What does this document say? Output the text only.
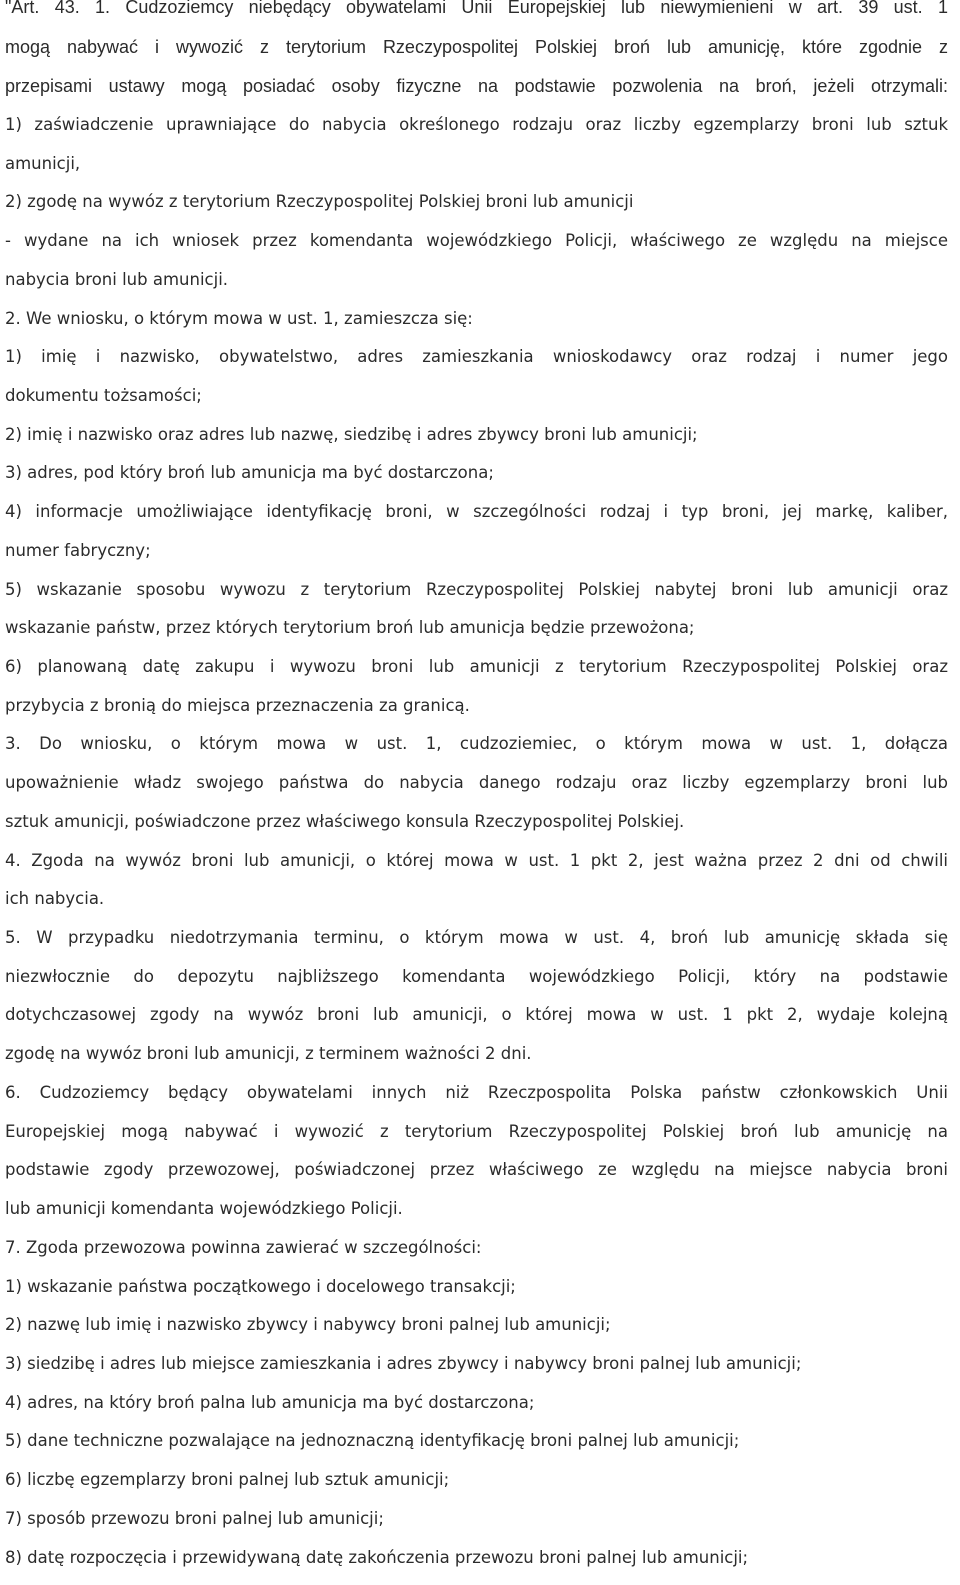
"Art. 43. 1. Cudzoziemcy niebędący obywatelami Unii Europejskiej lub niewymienieni w art. 39 ust. 1
mogą nabywać i wywozić z terytorium Rzeczypospolitej Polskiej broń lub amunicję, które zgodnie z
przepisami ustawy mogą posiadać osoby fizyczne na podstawie pozwolenia na broń, jeżeli otrzymali:
1) zaświadczenie uprawniające do nabycia określonego rodzaju oraz liczby egzemplarzy broni lub sztuk
amunicji,
2) zgodę na wywóz z terytorium Rzeczypospolitej Polskiej broni lub amunicji
- wydane na ich wniosek przez komendanta wojewódzkiego Policji, właściwego ze względu na miejsce
nabycia broni lub amunicji.
2. We wniosku, o którym mowa w ust. 1, zamieszcza się:
1) imię i nazwisko, obywatelstwo, adres zamieszkania wnioskodawcy oraz rodzaj i numer jego
dokumentu tożsamości;
2) imię i nazwisko oraz adres lub nazwę, siedzibę i adres zbywcy broni lub amunicji;
3) adres, pod który broń lub amunicja ma być dostarczona;
4) informacje umożliwiające identyfikację broni, w szczególności rodzaj i typ broni, jej markę, kaliber,
numer fabryczny;
5) wskazanie sposobu wywozu z terytorium Rzeczypospolitej Polskiej nabytej broni lub amunicji oraz
wskazanie państw, przez których terytorium broń lub amunicja będzie przewożona;
6) planowaną datę zakupu i wywozu broni lub amunicji z terytorium Rzeczypospolitej Polskiej oraz
przybycia z bronią do miejsca przeznaczenia za granicą.
3. Do wniosku, o którym mowa w ust. 1, cudzoziemiec, o którym mowa w ust. 1, dołącza
upoważnienie władz swojego państwa do nabycia danego rodzaju oraz liczby egzemplarzy broni lub
sztuk amunicji, poświadczone przez właściwego konsula Rzeczypospolitej Polskiej.
4. Zgoda na wywóz broni lub amunicji, o której mowa w ust. 1 pkt 2, jest ważna przez 2 dni od chwili
ich nabycia.
5. W przypadku niedotrzymania terminu, o którym mowa w ust. 4, broń lub amunicję składa się
niezwłocznie do depozytu najbliższego komendanta wojewódzkiego Policji, który na podstawie
dotychczasowej zgody na wywóz broni lub amunicji, o której mowa w ust. 1 pkt 2, wydaje kolejną
zgodę na wywóz broni lub amunicji, z terminem ważności 2 dni.
6. Cudzoziemcy będący obywatelami innych niż Rzeczpospolita Polska państw członkowskich Unii
Europejskiej mogą nabywać i wywozić z terytorium Rzeczypospolitej Polskiej broń lub amunicję na
podstawie zgody przewozowej, poświadczonej przez właściwego ze względu na miejsce nabycia broni
lub amunicji komendanta wojewódzkiego Policji.
7. Zgoda przewozowa powinna zawierać w szczególności:
1) wskazanie państwa początkowego i docelowego transakcji;
2) nazwę lub imię i nazwisko zbywcy i nabywcy broni palnej lub amunicji;
3) siedzibę i adres lub miejsce zamieszkania i adres zbywcy i nabywcy broni palnej lub amunicji;
4) adres, na który broń palna lub amunicja ma być dostarczona;
5) dane techniczne pozwalające na jednoznaczną identyfikację broni palnej lub amunicji;
6) liczbę egzemplarzy broni palnej lub sztuk amunicji;
7) sposób przewozu broni palnej lub amunicji;
8) datę rozpoczęcia i przewidywaną datę zakończenia przewozu broni palnej lub amunicji;
